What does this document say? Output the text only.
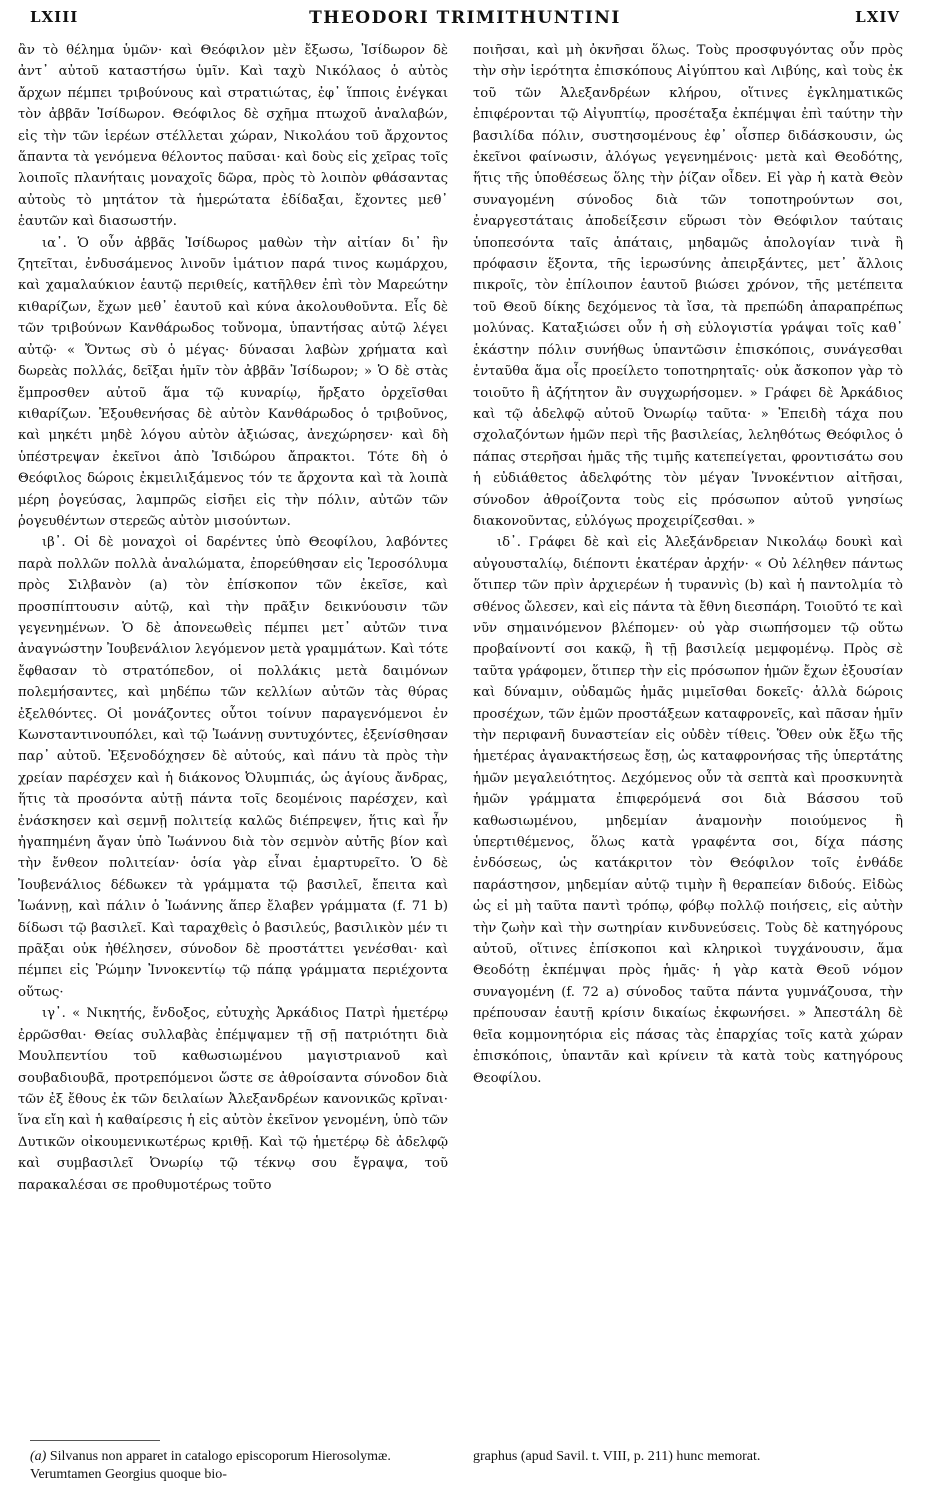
LXIII	THEODORI TRIMITHUNTINI	LXIV

ἂν τὸ θέλημα ὑμῶν· καὶ Θεόφιλον μὲν ἔξωσω, Ἰσίδωρον δὲ ἀντ᾽ αὐτοῦ καταστήσω ὑμῖν. Καὶ ταχὺ Νικόλαος ὁ αὐτὸς ἄρχων πέμπει τριβούνους καὶ στρατιώτας, ἐφ᾽ ἵπποις ἐνέγκαι τὸν ἀββᾶν Ἰσίδωρον. Θεόφιλος δὲ σχῆμα πτωχοῦ ἀναλαβών, εἰς τὴν τῶν ἱερέων στέλλεται χώραν, Νικολάου τοῦ ἄρχοντος ἅπαντα τὰ γενόμενα θέλοντος παῦσαι· καὶ δοὺς εἰς χεῖρας τοῖς λοιποῖς πλανήταις μοναχοῖς δῶρα, πρὸς τὸ λοιπὸν φθάσαντας αὐτοὺς τὸ μητάτον τὰ ἡμερώτατα ἐδίδαξαι, ἔχοντες μεθ᾽ ἑαυτῶν καὶ διασωστήν.

ια᾽. Ὁ οὖν ἀββᾶς Ἰσίδωρος μαθὼν τὴν αἰτίαν δι᾽ ἣν ζητεῖται, ἐνδυσάμενος λινοῦν ἱμάτιον παρά τινος κωμάρχου, καὶ χαμαλαύκιον ἑαυτῷ περιθείς, κατῆλθεν ἐπὶ τὸν Μαρεώτην κιθαρίζων, ἔχων μεθ᾽ ἑαυτοῦ καὶ κύνα ἀκολουθοῦντα. Εἷς δὲ τῶν τριβούνων Κανθάρωδος τοὔνομα, ὑπαντήσας αὐτῷ λέγει αὐτῷ· « Ὄντως σὺ ὁ μέγας· δύνασαι λαβὼν χρήματα καὶ δωρεὰς πολλάς, δεῖξαι ἡμῖν τὸν ἀββᾶν Ἰσίδωρον; » Ὁ δὲ στὰς ἔμπροσθεν αὐτοῦ ἅμα τῷ κυναρίῳ, ἤρξατο ὀρχεῖσθαι κιθαρίζων. Ἐξουθενήσας δὲ αὐτὸν Κανθάρωδος ὁ τριβοῦνος, καὶ μηκέτι μηδὲ λόγου αὐτὸν ἀξιώσας, ἀνεχώρησεν· καὶ δὴ ὑπέστρεψαν ἐκεῖνοι ἀπὸ Ἰσιδώρου ἄπρακτοι. Τότε δὴ ὁ Θεόφιλος δώροις ἐκμειλιξάμενος τόν τε ἄρχοντα καὶ τὰ λοιπὰ μέρη ῥογεύσας, λαμπρῶς εἰσῆει εἰς τὴν πόλιν, αὐτῶν τῶν ῥογευθέντων στερεῶς αὐτὸν μισούντων.

ιβ᾽. Οἱ δὲ μοναχοὶ οἱ δαρέντες ὑπὸ Θεοφίλου, λαβόντες παρὰ πολλῶν πολλὰ ἀναλώματα, ἐπορεύθησαν εἰς Ἱεροσόλυμα πρὸς Σιλβανὸν (a) τὸν ἐπίσκοπον τῶν ἐκεῖσε, καὶ προσπίπτουσιν αὐτῷ, καὶ τὴν πρᾶξιν δεικνύουσιν τῶν γεγενημένων. Ὁ δὲ ἀπονεωθεὶς πέμπει μετ᾽ αὐτῶν τινα ἀναγνώστην Ἰουβενάλιον λεγόμενον μετὰ γραμμάτων. Καὶ τότε ἔφθασαν τὸ στρατόπεδον, οἱ πολλάκις μετὰ δαιμόνων πολεμήσαντες, καὶ μηδέπω τῶν κελλίων αὐτῶν τὰς θύρας ἐξελθόντες. Οἱ μονάζοντες οὗτοι τοίνυν παραγενόμενοι ἐν Κωνσταντινουπόλει, καὶ τῷ Ἰωάννῃ συντυχόντες, ἐξενίσθησαν παρ᾽ αὐτοῦ. Ἐξενοδόχησεν δὲ αὐτούς, καὶ πάνυ τὰ πρὸς τὴν χρείαν παρέσχεν καὶ ἡ διάκονος Ὀλυμπιάς, ὡς ἁγίους ἄνδρας, ἥτις τὰ προσόντα αὐτῇ πάντα τοῖς δεομένοις παρέσχεν, καὶ ἐνάσκησεν καὶ σεμνῇ πολιτείᾳ καλῶς διέπρεψεν, ἥτις καὶ ἦν ἠγαπημένη ἄγαν ὑπὸ Ἰωάννου διὰ τὸν σεμνὸν αὐτῆς βίον καὶ τὴν ἔνθεον πολιτείαν· ὁσία γὰρ εἶναι ἐμαρτυρεῖτο. Ὁ δὲ Ἰουβενάλιος δέδωκεν τὰ γράμματα τῷ βασιλεῖ, ἔπειτα καὶ Ἰωάννῃ, καὶ πάλιν ὁ Ἰωάννης ἅπερ ἔλαβεν γράμματα (f. 71 b) δίδωσι τῷ βασιλεῖ. Καὶ ταραχθεὶς ὁ βασιλεύς, βασιλικὸν μέν τι πρᾶξαι οὐκ ἠθέλησεν, σύνοδον δὲ προστάττει γενέσθαι· καὶ πέμπει εἰς Ῥώμην Ἰννοκεντίῳ τῷ πάπᾳ γράμματα περιέχοντα οὕτως·

ιγ᾽. « Νικητής, ἔνδοξος, εὐτυχὴς Ἀρκάδιος Πατρὶ ἡμετέρῳ ἐρρῶσθαι· Θείας συλλαβὰς ἐπέμψαμεν τῇ σῇ πατριότητι διὰ Μουλπεντίου τοῦ καθωσιωμένου μαγιστριανοῦ καὶ σουβαδιουβᾶ, προτρεπόμενοι ὥστε σε ἀθροίσαντα σύνοδον διὰ τῶν ἐξ ἔθους ἐκ τῶν δειλαίων Ἀλεξανδρέων κανονικῶς κρῖναι· ἵνα εἴη καὶ ἡ καθαίρεσις ἡ εἰς αὐτὸν ἐκεῖνον γενομένη, ὑπὸ τῶν Δυτικῶν οἰκουμενικωτέρως κριθῇ. Καὶ τῷ ἡμετέρῳ δὲ ἀδελφῷ καὶ συμβασιλεῖ Ὀνωρίῳ τῷ τέκνῳ σου ἔγραψα, τοῦ παρακαλέσαι σε προθυμοτέρως τοῦτο

ποιῆσαι, καὶ μὴ ὀκνῆσαι ὅλως. Τοὺς προσφυγόντας οὖν πρὸς τὴν σὴν ἱερότητα ἐπισκόπους Αἰγύπτου καὶ Λιβύης, καὶ τοὺς ἐκ τοῦ τῶν Ἀλεξανδρέων κλήρου, οἵτινες ἐγκληματικῶς ἐπιφέρονται τῷ Αἰγυπτίῳ, προσέταξα ἐκπέμψαι ἐπὶ ταύτην τὴν βασιλίδα πόλιν, συστησομένους ἐφ᾽ οἷσπερ διδάσκουσιν, ὡς ἐκεῖνοι φαίνωσιν, ἀλόγως γεγενημένοις· μετὰ καὶ Θεοδότης, ἥτις τῆς ὑποθέσεως ὅλης τὴν ῥίζαν οἶδεν. Εἰ γὰρ ἡ κατὰ Θεὸν συναγομένη σύνοδος διὰ τῶν τοποτηρούντων σοι, ἐναργεστάταις ἀποδείξεσιν εὕρωσι τὸν Θεόφιλον ταύταις ὑποπεσόντα ταῖς ἀπάταις, μηδαμῶς ἀπολογίαν τινὰ ἢ πρόφασιν ἕξοντα, τῆς ἱερωσύνης ἀπειρξάντες, μετ᾽ ἄλλοις πικροῖς, τὸν ἐπίλοιπον ἑαυτοῦ βιώσει χρόνον, τῆς μετέπειτα τοῦ Θεοῦ δίκης δεχόμενος τὰ ἴσα, τὰ πρεπώδη ἀπαραπρέπως μολύνας. Καταξιώσει οὖν ἡ σὴ εὐλογιστία γράψαι τοῖς καθ᾽ ἑκάστην πόλιν συνήθως ὑπαντῶσιν ἐπισκόποις, συνάγεσθαι ἐνταῦθα ἅμα οἷς προείλετο τοποτηρηταῖς· οὐκ ἄσκοπον γὰρ τὸ τοιοῦτο ἢ ἀζήτητον ἂν συγχωρήσομεν. » Γράφει δὲ Ἀρκάδιος καὶ τῷ ἀδελφῷ αὐτοῦ Ὀνωρίῳ ταῦτα· » Ἐπειδὴ τάχα που σχολαζόντων ἡμῶν περὶ τῆς βασιλείας, λεληθότως Θεόφιλος ὁ πάπας στερῆσαι ἡμᾶς τῆς τιμῆς κατεπείγεται, φροντισάτω σου ἡ εὐδιάθετος ἀδελφότης τὸν μέγαν Ἰννοκέντιον αἰτῆσαι, σύνοδον ἀθροίζοντα τοὺς εἰς πρόσωπον αὐτοῦ γνησίως διακονοῦντας, εὐλόγως προχειρίζεσθαι. »

ιδ᾽. Γράφει δὲ καὶ εἰς Ἀλεξάνδρειαν Νικολάῳ δουκὶ καὶ αὐγουσταλίῳ, διέποντι ἑκατέραν ἀρχήν· « Οὐ λέληθεν πάντως ὅτιπερ τῶν πρὶν ἀρχιερέων ἡ τυραννὶς (b) καὶ ἡ παντολμία τὸ σθένος ὤλεσεν, καὶ εἰς πάντα τὰ ἔθνη διεσπάρη. Τοιοῦτό τε καὶ νῦν σημαινόμενον βλέπομεν· οὐ γὰρ σιωπήσομεν τῷ οὕτω προβαίνοντί σοι κακῷ, ἢ τῇ βασιλείᾳ μεμφομένῳ. Πρὸς σὲ ταῦτα γράφομεν, ὅτιπερ τὴν εἰς πρόσωπον ἡμῶν ἔχων ἐξουσίαν καὶ δύναμιν, οὐδαμῶς ἡμᾶς μιμεῖσθαι δοκεῖς· ἀλλὰ δώροις προσέχων, τῶν ἐμῶν προστάξεων καταφρονεῖς, καὶ πᾶσαν ἡμῖν τὴν περιφανῆ δυναστείαν εἰς οὐδὲν τίθεις. Ὅθεν οὐκ ἔξω τῆς ἡμετέρας ἀγανακτήσεως ἔσῃ, ὡς καταφρονήσας τῆς ὑπερτάτης ἡμῶν μεγαλειότητος. Δεχόμενος οὖν τὰ σεπτὰ καὶ προσκυνητὰ ἡμῶν γράμματα ἐπιφερόμενά σοι διὰ Βάσσου τοῦ καθωσιωμένου, μηδεμίαν ἀναμονὴν ποιούμενος ἢ ὑπερτιθέμενος, ὅλως κατὰ γραφέντα σοι, δίχα πάσης ἐνδόσεως, ὡς κατάκριτον τὸν Θεόφιλον τοῖς ἐνθάδε παράστησον, μηδεμίαν αὐτῷ τιμὴν ἢ θεραπείαν διδούς. Εἰδὼς ὡς εἰ μὴ ταῦτα παντὶ τρόπῳ, φόβῳ πολλῷ ποιήσεις, εἰς αὐτὴν τὴν ζωὴν καὶ τὴν σωτηρίαν κινδυνεύσεις. Τοὺς δὲ κατηγόρους αὐτοῦ, οἵτινες ἐπίσκοποι καὶ κληρικοὶ τυγχάνουσιν, ἅμα Θεοδότῃ ἐκπέμψαι πρὸς ἡμᾶς· ἡ γὰρ κατὰ Θεοῦ νόμον συναγομένη (f. 72 a) σύνοδος ταῦτα πάντα γυμνάζουσα, τὴν πρέπουσαν ἑαυτῇ κρίσιν δικαίως ἐκφωνήσει. » Ἀπεστάλη δὲ θεῖα κομμονητόρια εἰς πάσας τὰς ἐπαρχίας τοῖς κατὰ χώραν ἐπισκόποις, ὑπαντᾶν καὶ κρίνειν τὰ κατὰ τοὺς κατηγόρους Θεοφίλου.

(a) Silvanus non apparet in catalogo episcoporum Hierosolymæ. Verumtamen Georgius quoque bio-
graphus (apud Savil. t. VIII, p. 211) hunc memorat.
